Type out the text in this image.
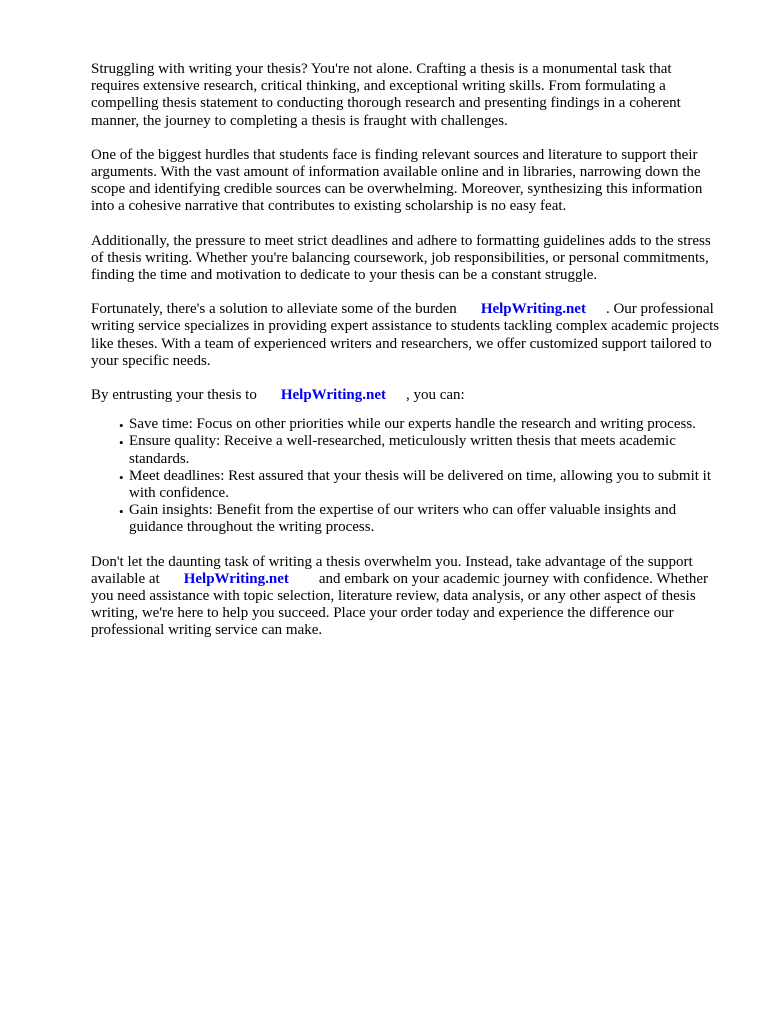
Struggling with writing your thesis? You're not alone. Crafting a thesis is a monumental task that requires extensive research, critical thinking, and exceptional writing skills. From formulating a compelling thesis statement to conducting thorough research and presenting findings in a coherent manner, the journey to completing a thesis is fraught with challenges.

One of the biggest hurdles that students face is finding relevant sources and literature to support their arguments. With the vast amount of information available online and in libraries, narrowing down the scope and identifying credible sources can be overwhelming. Moreover, synthesizing this information into a cohesive narrative that contributes to existing scholarship is no easy feat.

Additionally, the pressure to meet strict deadlines and adhere to formatting guidelines adds to the stress of thesis writing. Whether you're balancing coursework, job responsibilities, or personal commitments, finding the time and motivation to dedicate to your thesis can be a constant struggle.

Fortunately, there's a solution to alleviate some of the burden HelpWriting.net . Our professional writing service specializes in providing expert assistance to students tackling complex academic projects like theses. With a team of experienced writers and researchers, we offer customized support tailored to your specific needs.

By entrusting your thesis to HelpWriting.net , you can:

• Save time: Focus on other priorities while our experts handle the research and writing process.
• Ensure quality: Receive a well-researched, meticulously written thesis that meets academic standards.
• Meet deadlines: Rest assured that your thesis will be delivered on time, allowing you to submit it with confidence.
• Gain insights: Benefit from the expertise of our writers who can offer valuable insights and guidance throughout the writing process.

Don't let the daunting task of writing a thesis overwhelm you. Instead, take advantage of the support available at HelpWriting.net and embark on your academic journey with confidence. Whether you need assistance with topic selection, literature review, data analysis, or any other aspect of thesis writing, we're here to help you succeed. Place your order today and experience the difference our professional writing service can make.
